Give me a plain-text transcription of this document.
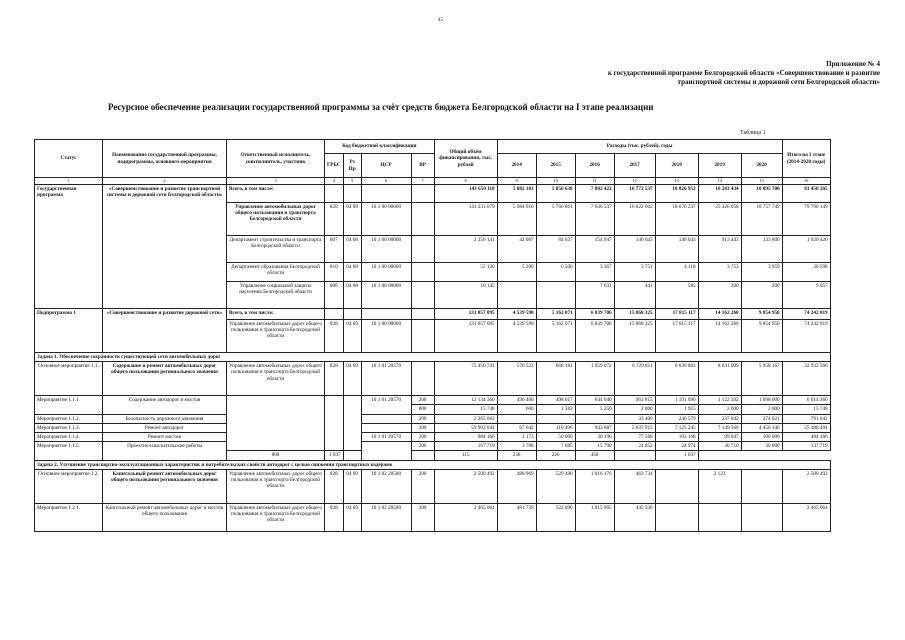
45
Приложение № 4
к государственной программе Белгородской области «Совершенствование и развитие
транспортной системы и дорожной сети Белгородской области»
Ресурсное обеспечение реализации государственной программы за счёт средств бюджета Белгородской области на I этапе реализации
Таблица 1
Статус	Наименование государственной программы, подпрограммы, основного мероприятия	Ответственный исполнитель, соисполнитель, участник	Код бюджетной классификации				Общий объём финансирования, тыс. рублей	Расходы (тыс. рублей), годы							Итого на I этапе (2014-2020 годы)
			ГРБС	Рз Пр	ЦСР	ВР		2014	2015	2016	2017	2018	2019	2020	
1	2	3	4	5	6	7	8	9	10	11	12	13	14	15	16
Государственная программа	«Совершенствование и развитие транспортной системы и дорожной сети Белгородской области»	Всего, в том числе:					143 650 118	5 082 183	5 856 638	7 802 422	16 772 537	18 826 953	16 243 434	10 895 700	81 450 205
		Управление автомобильных дорог общего пользования и транспорта Белгородской области	828	04 09	10 1 00 00000		141 231 679	5 084 916	5 766 861	7 636 537	16 622 602	18 676 237	25 326 058	10 757 749	79 790 149
		Департамент строительства и транспорта Белгородской области	807	04 08	10 1 00 00000		2 356 141	42 067	84 627	154 947	146 043	146 043	913 443	133 800	1 620 420
		Департамент образования Белгородской области	810	04 08	10 1 00 00000		52 130	5 200	6 500	3 367	3 751	4 118	3 753	3 959	30 598
		Управление социальной защиты населения Белгородской области	808	04 08	10 1 00 00000		10 145			7 631	441	585	200	200	9 057
Подпрограмма 1	«Совершенствование и развитие дорожной сети»	Всего, в том числе:					131 057 095	4 539 590	5 162 071	6 839 706	15 868 325	17 815 117	14 162 260	9 854 950	74 242 019
		Управление автомобильных дорог общего пользования и транспорта Белгородской области	828	04 09	10 1 00 00000		131 057 095	4 539 590	5 162 071	6 839 706	15 868 325	17 815 117	14 162 260	9 854 950	74 242 019
Задача 1. Обеспечение сохранности существующей сети автомобильных дорог															
Основное мероприятие 1.1.	Содержание и ремонт автомобильных дорог общего пользования регионального значения	Управление автомобильных дорог общего пользования и транспорта Белгородской области	828	04 09	10 1 01 20570		75 450 741	570 523	668 181	1 059 072	6 729 811	8 630 803	8 641 009	5 958 167	32 932 566
Мероприятие 1.1.1.	Содержание автодорог и мостов				10 1 01 20570	200	12 134 360	496 400	498 017	644 040	963 815	1 191 096	1 122 392	1 098 000	6 014 360
						800	15 748	600	1 583	5 250	2 000	1 915	2 000	2 000	15 748
Мероприятие 1.1.2.	Безопасность дорожного движения					200	2 265 063				33 400	246 579	237 042	274 021	791 042
Мероприятие 1.1.3.	Ремонт автодорог					200	59 902 641	67 642	110 496	943 687	5 637 915	7 125 245	7 149 360	4 456 146	25 488 494
Мероприятие 1.1.4.	Ремонт мостов				10 1 01 20570	200	984 166	2 173	50 000	30 190	77 588	103 168	99 047	100 000	484 166
Мероприятие 1.1.5.	Проектно-изыскательские работы					200	167 719	3 708	7 685	15 790	24 852	24 974	30 710	30 000	137 719
		800	1 037				115	238	226	458		1 037			
Задача 2. Улучшение транспортно-эксплуатационных характеристик и потребительских свойств автодорог с целью снижения транспортных издержек															
Основное мероприятие 1.2.	Капитальный ремонт автомобильных дорог общего пользования регионального значения	Управление автомобильных дорог общего пользования и транспорта Белгородской области	828	04 09	10 1 02 20580	200	2 500 492	488 969	529 490	1 016 176	463 734		2 123		2 500 492
Мероприятие 1.2.1.	Капитальный ремонт автомобильных дорог и мостов общего пользования	Управление автомобильных дорог общего пользования и транспорта Белгородской области	828	04 09	10 1 02 20580	200	2 465 064	481 739	522 090	1 015 905	445 330				2 465 064
